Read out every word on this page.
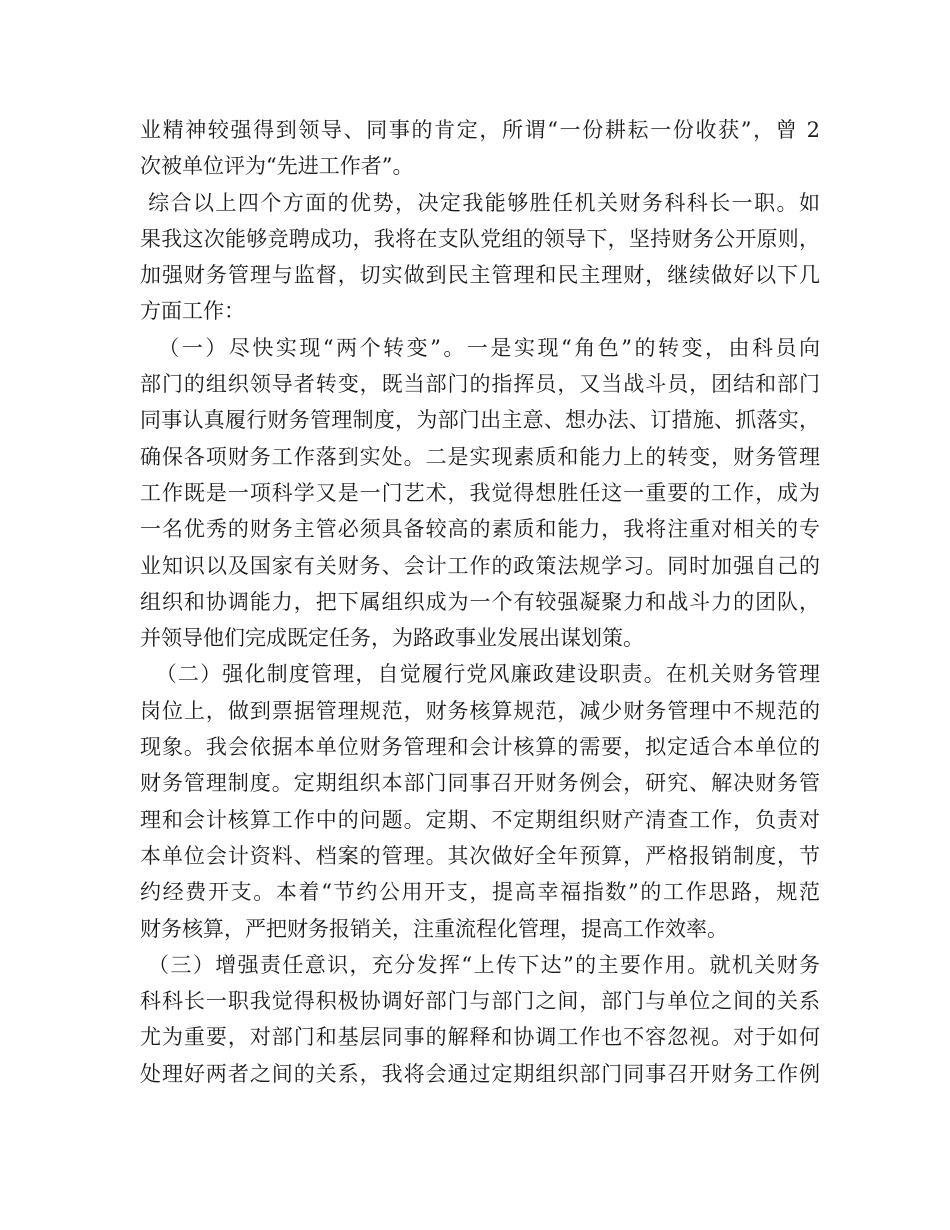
业精神较强得到领导、同事的肯定，所谓“一份耕耘一份收获”，曾 2
次被单位评为“先进工作者”。
综合以上四个方面的优势，决定我能够胜任机关财务科科长一职。如
果我这次能够竞聘成功，我将在支队党组的领导下，坚持财务公开原则，
加强财务管理与监督，切实做到民主管理和民主理财，继续做好以下几
方面工作：
（一）尽快实现“两个转变”。一是实现“角色”的转变，由科员向
部门的组织领导者转变，既当部门的指挥员，又当战斗员，团结和部门
同事认真履行财务管理制度，为部门出主意、想办法、订措施、抓落实，
确保各项财务工作落到实处。二是实现素质和能力上的转变，财务管理
工作既是一项科学又是一门艺术，我觉得想胜任这一重要的工作，成为
一名优秀的财务主管必须具备较高的素质和能力，我将注重对相关的专
业知识以及国家有关财务、会计工作的政策法规学习。同时加强自己的
组织和协调能力，把下属组织成为一个有较强凝聚力和战斗力的团队，
并领导他们完成既定任务，为路政事业发展出谋划策。
（二）强化制度管理，自觉履行党风廉政建设职责。在机关财务管理
岗位上，做到票据管理规范，财务核算规范，减少财务管理中不规范的
现象。我会依据本单位财务管理和会计核算的需要，拟定适合本单位的
财务管理制度。定期组织本部门同事召开财务例会，研究、解决财务管
理和会计核算工作中的问题。定期、不定期组织财产清查工作，负责对
本单位会计资料、档案的管理。其次做好全年预算，严格报销制度，节
约经费开支。本着“节约公用开支，提高幸福指数”的工作思路，规范
财务核算，严把财务报销关，注重流程化管理，提高工作效率。
（三）增强责任意识，充分发挥“上传下达”的主要作用。就机关财务
科科长一职我觉得积极协调好部门与部门之间，部门与单位之间的关系
尤为重要，对部门和基层同事的解释和协调工作也不容忽视。对于如何
处理好两者之间的关系，我将会通过定期组织部门同事召开财务工作例
